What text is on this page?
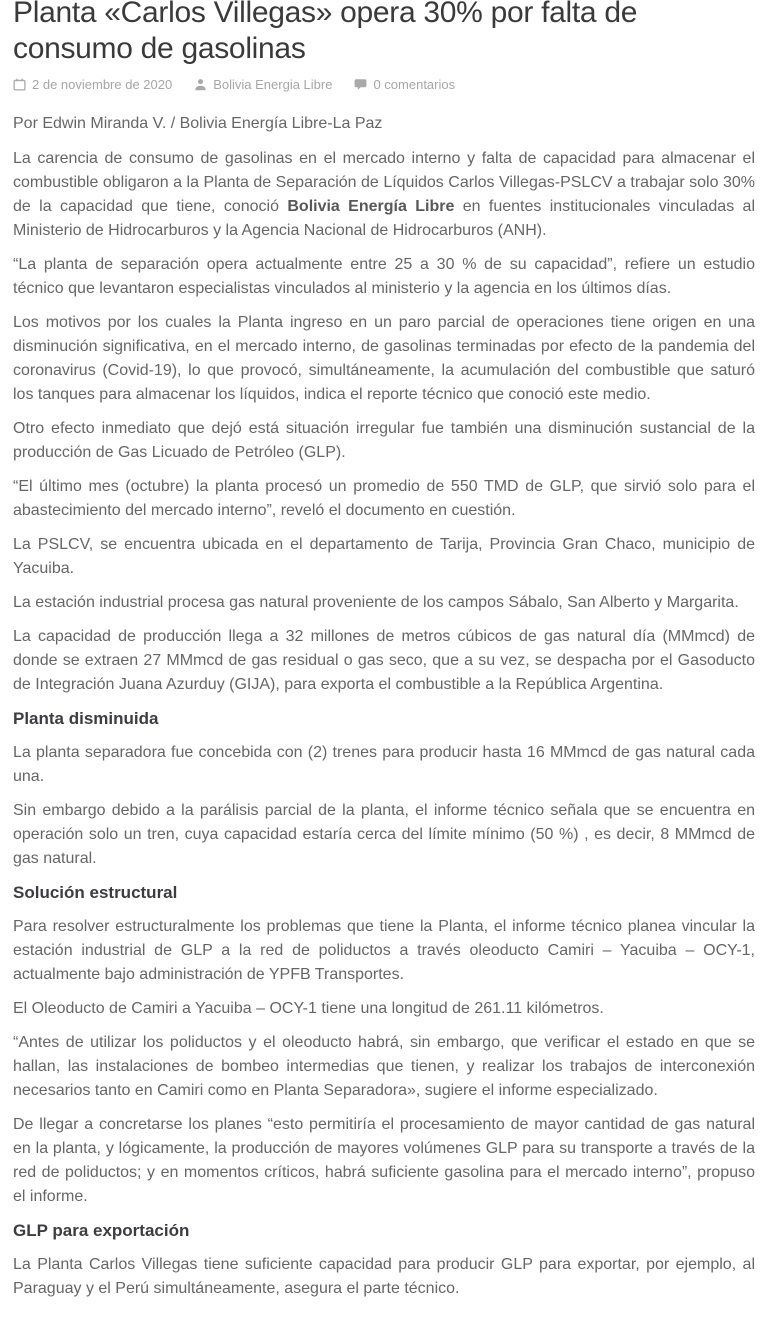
Planta «Carlos Villegas» opera 30% por falta de consumo de gasolinas
2 de noviembre de 2020	Bolivia Energia Libre	0 comentarios

Por Edwin Miranda V. / Bolivia Energía Libre-La Paz

La carencia de consumo de gasolinas en el mercado interno y falta de capacidad para almacenar el combustible obligaron a la Planta de Separación de Líquidos Carlos Villegas-PSLCV a trabajar solo 30% de la capacidad que tiene, conoció Bolivia Energía Libre en fuentes institucionales vinculadas al Ministerio de Hidrocarburos y la Agencia Nacional de Hidrocarburos (ANH).

“La planta de separación opera actualmente entre 25 a 30 % de su capacidad”, refiere un estudio técnico que levantaron especialistas vinculados al ministerio y la agencia en los últimos días.

Los motivos por los cuales la Planta ingreso en un paro parcial de operaciones tiene origen en una disminución significativa, en el mercado interno, de gasolinas terminadas por efecto de la pandemia del coronavirus (Covid-19), lo que provocó, simultáneamente, la acumulación del combustible que saturó los tanques para almacenar los líquidos, indica el reporte técnico que conoció este medio.

Otro efecto inmediato que dejó está situación irregular fue también una disminución sustancial de la producción de Gas Licuado de Petróleo (GLP).

“El último mes (octubre) la planta procesó un promedio de 550 TMD de GLP, que sirvió solo para el abastecimiento del mercado interno”, reveló el documento en cuestión.

La PSLCV, se encuentra ubicada en el departamento de Tarija, Provincia Gran Chaco, municipio de Yacuiba.

La estación industrial procesa gas natural proveniente de los campos Sábalo, San Alberto y Margarita.

La capacidad de producción llega a 32 millones de metros cúbicos de gas natural día (MMmcd) de donde se extraen 27 MMmcd de gas residual o gas seco, que a su vez, se despacha por el Gasoducto de Integración Juana Azurduy (GIJA), para exporta el combustible a la República Argentina.

Planta disminuida

La planta separadora fue concebida con (2) trenes para producir hasta 16 MMmcd de gas natural cada una.

Sin embargo debido a la parálisis parcial de la planta, el informe técnico señala que se encuentra en operación solo un tren, cuya capacidad estaría cerca del límite mínimo (50 %) , es decir, 8 MMmcd de gas natural.

Solución estructural

Para resolver estructuralmente los problemas que tiene la Planta, el informe técnico planea vincular la estación industrial de GLP a la red de poliductos a través oleoducto Camiri – Yacuiba – OCY-1, actualmente bajo administración de YPFB Transportes.

El Oleoducto de Camiri a Yacuiba – OCY-1 tiene una longitud de 261.11 kilómetros.

“Antes de utilizar los poliductos y el oleoducto habrá, sin embargo, que verificar el estado en que se hallan, las instalaciones de bombeo intermedias que tienen, y realizar los trabajos de interconexión necesarios tanto en Camiri como en Planta Separadora», sugiere el informe especializado.

De llegar a concretarse los planes “esto permitiría el procesamiento de mayor cantidad de gas natural en la planta, y lógicamente, la producción de mayores volúmenes GLP para su transporte a través de la red de poliductos; y en momentos críticos, habrá suficiente gasolina para el mercado interno”, propuso el informe.

GLP para exportación

La Planta Carlos Villegas tiene suficiente capacidad para producir GLP para exportar, por ejemplo, al Paraguay y el Perú simultáneamente, asegura el parte técnico.
